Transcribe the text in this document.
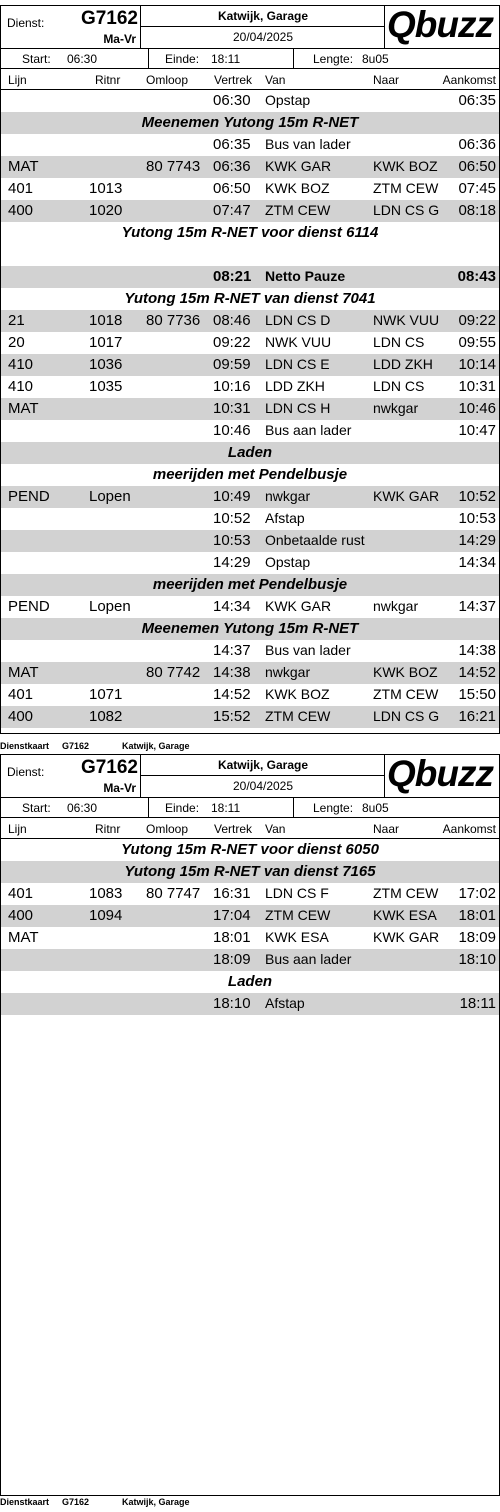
Dienst: G7162
Ma-Vr
Katwijk, Garage
20/04/2025	Qbuzz
Start: 06:30	Einde: 18:11	Lengte: 8u05
Lijn	Ritnr Omloop Vertrek Van	Naar	Aankomst
06:30 Opstap	06:35
Meenemen Yutong 15m R-NET
06:35 Bus van lader	06:36
MAT	80 7743 06:36 KWK GAR	KWK BOZ 06:50
401	1013	06:50 KWK BOZ	ZTM CEW 07:45
400	1020	07:47 ZTM CEW	LDN CS G 08:18
Yutong 15m R-NET voor dienst 6114
08:21 Netto Pauze	08:43
Yutong 15m R-NET van dienst 7041
21	1018 80 7736 08:46 LDN CS D	NWK VUU 09:22
20	1017	09:22 NWK VUU	LDN CS 09:55
410	1036	09:59 LDN CS E	LDD ZKH 10:14
410	1035	10:16 LDD ZKH	LDN CS 10:31
MAT	10:31 LDN CS H	nwkgar	10:46
10:46 Bus aan lader	10:47
Laden
meerijden met Pendelbusje
PEND	Lopen	10:49 nwkgar	KWK GAR 10:52
10:52 Afstap	10:53
10:53 Onbetaalde rust	14:29
14:29 Opstap	14:34
meerijden met Pendelbusje
PEND	Lopen	14:34 KWK GAR	nwkgar	14:37
Meenemen Yutong 15m R-NET
14:37 Bus van lader	14:38
MAT	80 7742 14:38 nwkgar	KWK BOZ 14:52
401	1071	14:52 KWK BOZ	ZTM CEW 15:50
400	1082	15:52 ZTM CEW	LDN CS G 16:21
Dienstkaart G7162	Katwijk, Garage
Dienst: G7162
Ma-Vr
Katwijk, Garage
20/04/2025	Qbuzz
Start: 06:30	Einde: 18:11	Lengte: 8u05
Lijn	Ritnr Omloop Vertrek Van	Naar	Aankomst
Yutong 15m R-NET voor dienst 6050
Yutong 15m R-NET van dienst 7165
401	1083 80 7747 16:31 LDN CS F	ZTM CEW 17:02
400	1094	17:04 ZTM CEW	KWK ESA 18:01
MAT	18:01 KWK ESA	KWK GAR 18:09
18:09 Bus aan lader	18:10
Laden
18:10 Afstap	18:11
Dienstkaart G7162	Katwijk, Garage
